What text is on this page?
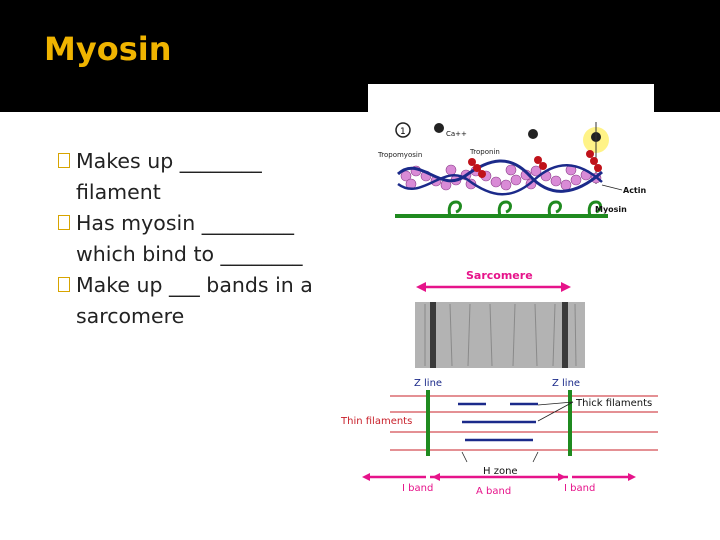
Myosin
Makes up ________
filament
Has myosin _________
which bind to ________
Make up ___ bands in a
sarcomere
1	Ca++
Tropomyosin	Troponin
Actin
Myosin
Sarcomere
Z line	Z line
Thick filaments
Thin filaments
H zone
I band	A band	I band
